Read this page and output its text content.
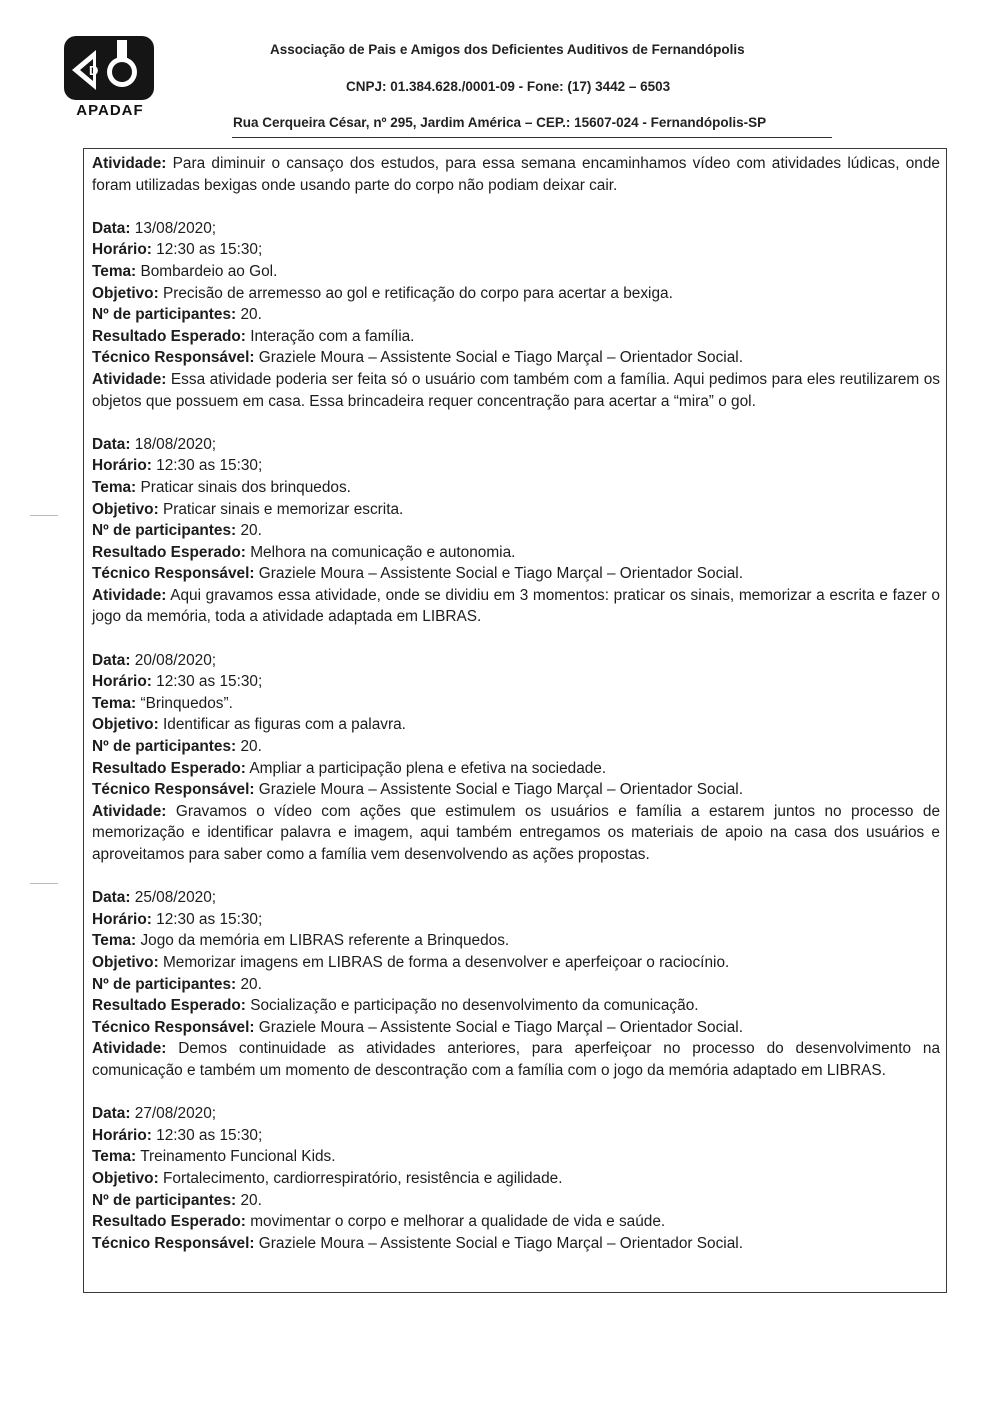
D
APADAF
Associação de Pais e Amigos dos Deficientes Auditivos de Fernandópolis
CNPJ: 01.384.628./0001-09 - Fone: (17) 3442 – 6503
Rua Cerqueira César, nº 295, Jardim América – CEP.: 15607-024 - Fernandópolis-SP
Atividade: Para diminuir o cansaço dos estudos, para essa semana encaminhamos vídeo com atividades lúdicas, onde foram utilizadas bexigas onde usando parte do corpo não podiam deixar cair.
Data: 13/08/2020;
Horário: 12:30 as 15:30;
Tema: Bombardeio ao Gol.
Objetivo: Precisão de arremesso ao gol e retificação do corpo para acertar a bexiga.
Nº de participantes: 20.
Resultado Esperado: Interação com a família.
Técnico Responsável: Graziele Moura – Assistente Social e Tiago Marçal – Orientador Social.
Atividade: Essa atividade poderia ser feita só o usuário com também com a família. Aqui pedimos para eles reutilizarem os objetos que possuem em casa. Essa brincadeira requer concentração para acertar a “mira” o gol.
Data: 18/08/2020;
Horário: 12:30 as 15:30;
Tema: Praticar sinais dos brinquedos.
Objetivo: Praticar sinais e memorizar escrita.
Nº de participantes: 20.
Resultado Esperado: Melhora na comunicação e autonomia.
Técnico Responsável: Graziele Moura – Assistente Social e Tiago Marçal – Orientador Social.
Atividade: Aqui gravamos essa atividade, onde se dividiu em 3 momentos: praticar os sinais, memorizar a escrita e fazer o jogo da memória, toda a atividade adaptada em LIBRAS.
Data: 20/08/2020;
Horário: 12:30 as 15:30;
Tema: “Brinquedos”.
Objetivo: Identificar as figuras com a palavra.
Nº de participantes: 20.
Resultado Esperado: Ampliar a participação plena e efetiva na sociedade.
Técnico Responsável: Graziele Moura – Assistente Social e Tiago Marçal – Orientador Social.
Atividade: Gravamos o vídeo com ações que estimulem os usuários e família a estarem juntos no processo de memorização e identificar palavra e imagem, aqui também entregamos os materiais de apoio na casa dos usuários e aproveitamos para saber como a família vem desenvolvendo as ações propostas.
Data: 25/08/2020;
Horário: 12:30 as 15:30;
Tema: Jogo da memória em LIBRAS referente a Brinquedos.
Objetivo: Memorizar imagens em LIBRAS de forma a desenvolver e aperfeiçoar o raciocínio.
Nº de participantes: 20.
Resultado Esperado: Socialização e participação no desenvolvimento da comunicação.
Técnico Responsável: Graziele Moura – Assistente Social e Tiago Marçal – Orientador Social.
Atividade: Demos continuidade as atividades anteriores, para aperfeiçoar no processo do desenvolvimento na comunicação e também um momento de descontração com a família com o jogo da memória adaptado em LIBRAS.
Data: 27/08/2020;
Horário: 12:30 as 15:30;
Tema: Treinamento Funcional Kids.
Objetivo: Fortalecimento, cardiorrespiratório, resistência e agilidade.
Nº de participantes: 20.
Resultado Esperado: movimentar o corpo e melhorar a qualidade de vida e saúde.
Técnico Responsável: Graziele Moura – Assistente Social e Tiago Marçal – Orientador Social.
